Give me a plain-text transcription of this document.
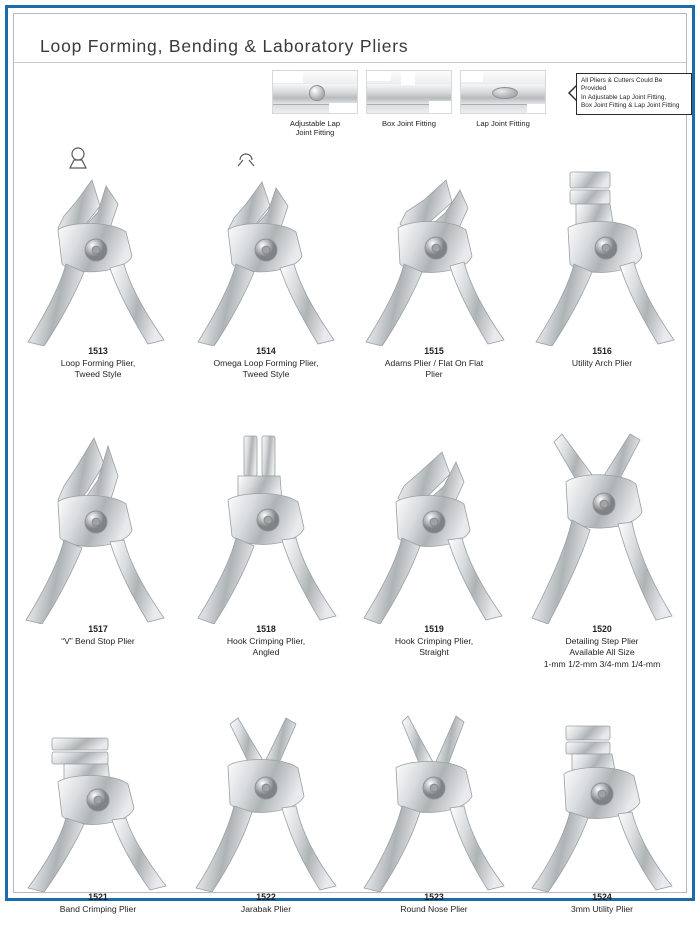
Loop Forming, Bending & Laboratory Pliers
Adjustable Lap
Joint Fitting
Box Joint Fitting	Lap Joint Fitting
All Pliers & Cutters Could Be Provided
In Adjustable Lap Joint Fitting,
Box Joint Fitting & Lap Joint Fitting
1513
Loop Forming Plier,
Tweed Style
1514
Omega Loop Forming Plier,
Tweed Style
1515
Adams Plier / Flat On Flat
Plier
1516
Utility Arch Plier
1517
“V” Bend Stop Plier
1518
Hook Crimping Plier,
Angled
1519
Hook Crimping Plier,
Straight
1520
Detailing Step Plier
Available All Size
1-mm 1/2-mm 3/4-mm 1/4-mm
1521
Band Crimping Plier
1522
Jarabak Plier
1523
Round Nose Plier
1524
3mm Utility Plier
